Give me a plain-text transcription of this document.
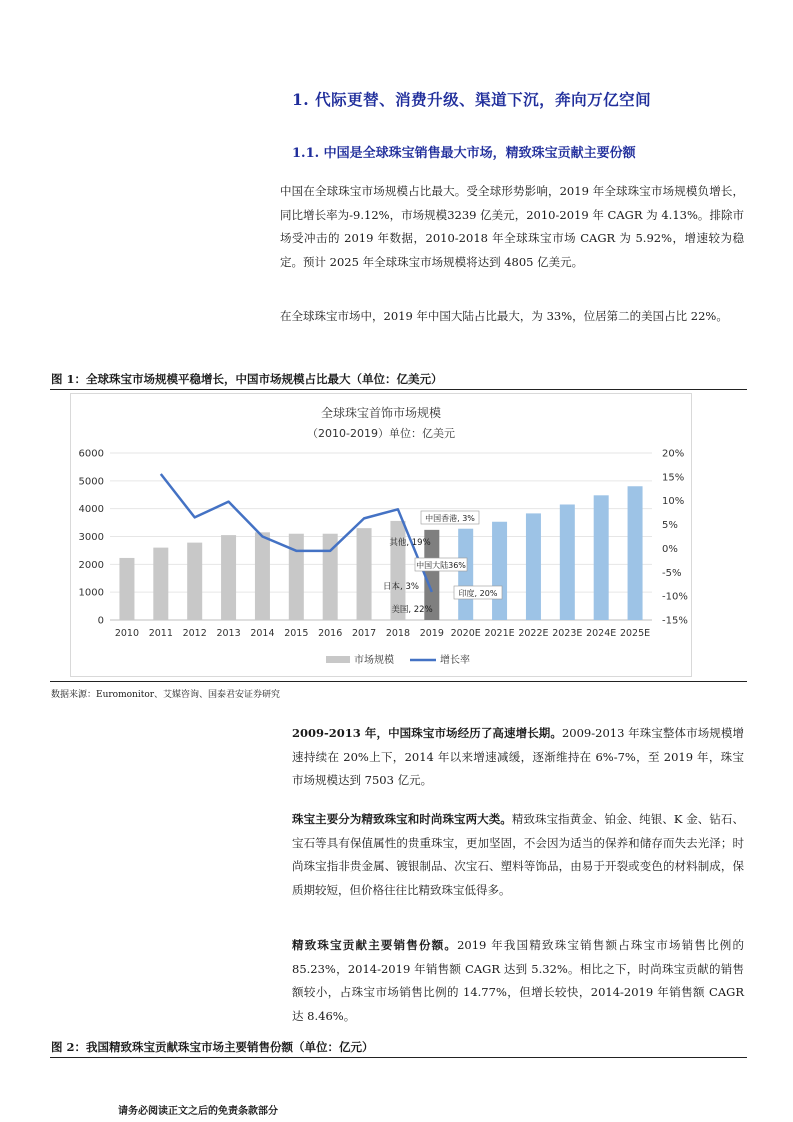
1. 代际更替、消费升级、渠道下沉，奔向万亿空间
1.1. 中国是全球珠宝销售最大市场，精致珠宝贡献主要份额
中国在全球珠宝市场规模占比最大。受全球形势影响，2019 年全球珠宝市场规模负增长，同比增长率为-9.12%，市场规模3239 亿美元，2010-2019 年 CAGR 为 4.13%。排除市场受冲击的 2019 年数据，2010-2018 年全球珠宝市场 CAGR 为 5.92%，增速较为稳定。预计 2025 年全球珠宝市场规模将达到 4805 亿美元。
在全球珠宝市场中，2019 年中国大陆占比最大，为 33%，位居第二的美国占比 22%。
图 1：全球珠宝市场规模平稳增长，中国市场规模占比最大（单位：亿美元）
全球珠宝首饰市场规模
（2010-2019）单位：亿美元
0
1000
2000
3000
4000
5000
6000
-15%
-10%
-5%
0%
5%
10%
15%
20%
2010 2011 2012 2013 2014 2015 2016 2017 2018 2019 2020E 2021E 2022E 2023E 2024E 2025E
中国香港, 3%
其他, 19%
中国大陆36%
日本, 3%
美国, 22%
印度, 20%
市场规模	增长率
数据来源：Euromonitor、艾媒咨询、国泰君安证券研究
2009-2013 年，中国珠宝市场经历了高速增长期。2009-2013 年珠宝整体市场规模增速持续在 20%上下，2014 年以来增速减缓，逐渐维持在 6%-7%，至 2019 年，珠宝市场规模达到 7503 亿元。
珠宝主要分为精致珠宝和时尚珠宝两大类。精致珠宝指黄金、铂金、纯银、K 金、钻石、宝石等具有保值属性的贵重珠宝，更加坚固，不会因为适当的保养和储存而失去光泽；时尚珠宝指非贵金属、镀银制品、次宝石、塑料等饰品，由易于开裂或变色的材料制成，保质期较短，但价格往往比精致珠宝低得多。
精致珠宝贡献主要销售份额。2019 年我国精致珠宝销售额占珠宝市场销售比例的 85.23%，2014-2019 年销售额 CAGR 达到 5.32%。相比之下，时尚珠宝贡献的销售额较小，占珠宝市场销售比例的 14.77%，但增长较快，2014-2019 年销售额 CAGR 达 8.46%。
图 2：我国精致珠宝贡献珠宝市场主要销售份额（单位：亿元）
请务必阅读正文之后的免责条款部分
